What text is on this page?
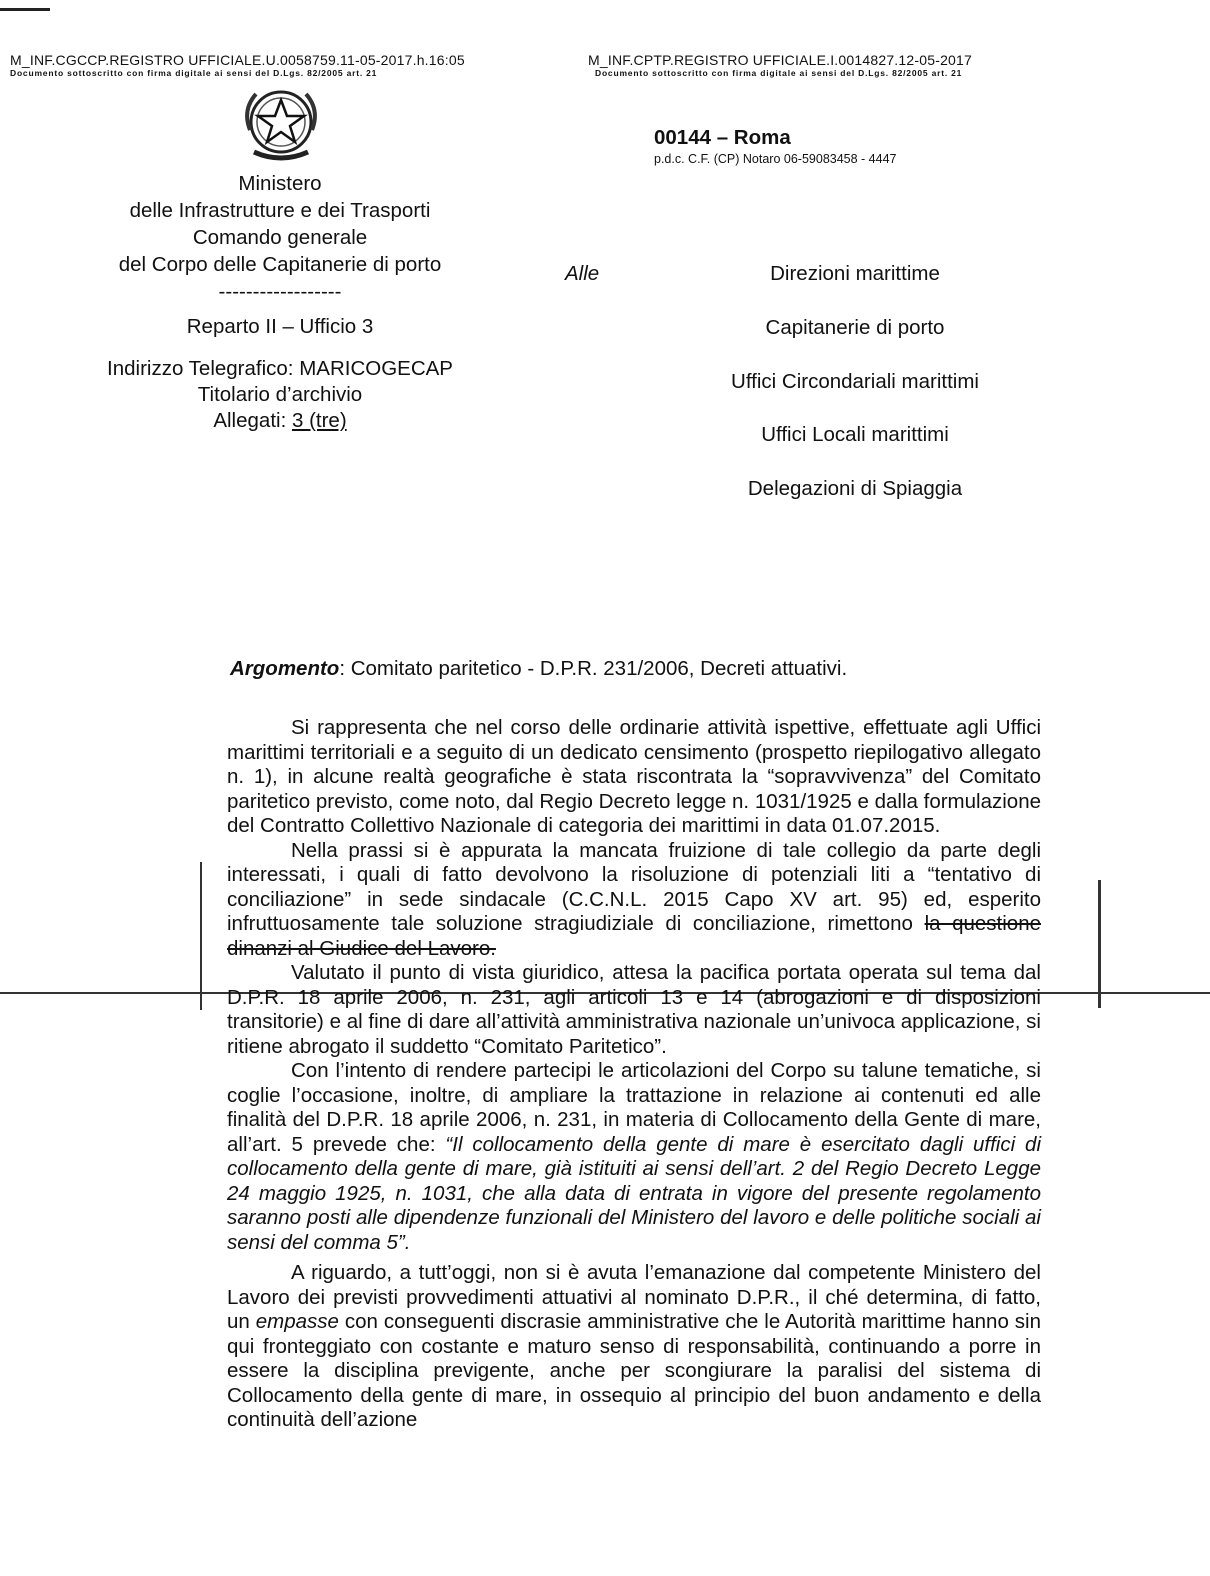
M_INF.CGCCP.REGISTRO UFFICIALE.U.0058759.11-05-2017.h.16:05
Documento sottoscritto con firma digitale ai sensi del D.Lgs. 82/2005 art. 21
M_INF.CPTP.REGISTRO UFFICIALE.I.0014827.12-05-2017
Documento sottoscritto con firma digitale ai sensi del D.Lgs. 82/2005 art. 21
Ministero
delle Infrastrutture e dei Trasporti
Comando generale
del Corpo delle Capitanerie di porto
------------------
Reparto II – Ufficio 3
Indirizzo Telegrafico: MARICOGECAP
Titolario d’archivio
Allegati: 3 (tre)
00144 – Roma
p.d.c. C.F. (CP) Notaro 06-59083458 - 4447
Alle	Direzioni marittime
Capitanerie di porto
Uffici Circondariali marittimi
Uffici Locali marittimi
Delegazioni di Spiaggia
Argomento: Comitato paritetico - D.P.R. 231/2006, Decreti attuativi.

Si rappresenta che nel corso delle ordinarie attività ispettive, effettuate agli Uffici marittimi territoriali e a seguito di un dedicato censimento (prospetto riepilogativo allegato n. 1), in alcune realtà geografiche è stata riscontrata la “sopravvivenza” del Comitato paritetico previsto, come noto, dal Regio Decreto legge n. 1031/1925 e dalla formulazione del Contratto Collettivo Nazionale di categoria dei marittimi in data 01.07.2015.

Nella prassi si è appurata la mancata fruizione di tale collegio da parte degli interessati, i quali di fatto devolvono la risoluzione di potenziali liti a “tentativo di conciliazione” in sede sindacale (C.C.N.L. 2015 Capo XV art. 95) ed, esperito infruttuosamente tale soluzione stragiudiziale di conciliazione, rimettono la questione dinanzi al Giudice del Lavoro.

Valutato il punto di vista giuridico, attesa la pacifica portata operata sul tema dal D.P.R. 18 aprile 2006, n. 231, agli articoli 13 e 14 (abrogazioni e di disposizioni transitorie) e al fine di dare all’attività amministrativa nazionale un’univoca applicazione, si ritiene abrogato il suddetto “Comitato Paritetico”.

Con l’intento di rendere partecipi le articolazioni del Corpo su talune tematiche, si coglie l’occasione, inoltre, di ampliare la trattazione in relazione ai contenuti ed alle finalità del D.P.R. 18 aprile 2006, n. 231, in materia di Collocamento della Gente di mare, all’art. 5 prevede che: “Il collocamento della gente di mare è esercitato dagli uffici di collocamento della gente di mare, già istituiti ai sensi dell’art. 2 del Regio Decreto Legge 24 maggio 1925, n. 1031, che alla data di entrata in vigore del presente regolamento saranno posti alle dipendenze funzionali del Ministero del lavoro e delle politiche sociali ai sensi del comma 5”.

A riguardo, a tutt’oggi, non si è avuta l’emanazione dal competente Ministero del Lavoro dei previsti provvedimenti attuativi al nominato D.P.R., il ché determina, di fatto, un empasse con conseguenti discrasie amministrative che le Autorità marittime hanno sin qui fronteggiato con costante e maturo senso di responsabilità, continuando a porre in essere la disciplina previgente, anche per scongiurare la paralisi del sistema di Collocamento della gente di mare, in ossequio al principio del buon andamento e della continuità dell’azione
